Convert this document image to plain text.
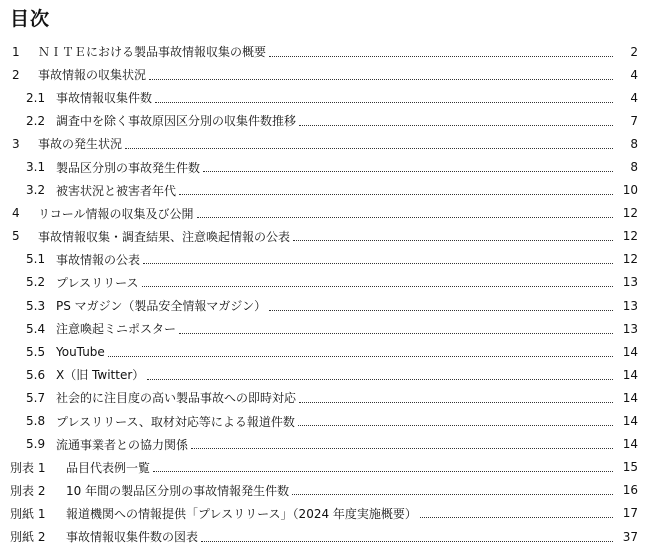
目次
1	ＮＩＴＥにおける製品事故情報収集の概要	2
2	事故情報の収集状況	4
2.1 事故情報収集件数	4
2.2 調査中を除く事故原因区分別の収集件数推移	7
3	事故の発生状況	8
3.1 製品区分別の事故発生件数	8
3.2 被害状況と被害者年代	10
4	リコール情報の収集及び公開	12
5	事故情報収集・調査結果、注意喚起情報の公表	12
5.1 事故情報の公表	12
5.2 プレスリリース	13
5.3 PS マガジン（製品安全情報マガジン）	13
5.4 注意喚起ミニポスター	13
5.5 YouTube	14
5.6 X（旧 Twitter）	14
5.7 社会的に注目度の高い製品事故への即時対応	14
5.8 プレスリリース、取材対応等による報道件数	14
5.9 流通事業者との協力関係	14
別表 1	品目代表例一覧	15
別表 2	10 年間の製品区分別の事故情報発生件数	16
別紙 1	報道機関への情報提供「プレスリリース」（2024 年度実施概要）	17
別紙 2	事故情報収集件数の図表	37
